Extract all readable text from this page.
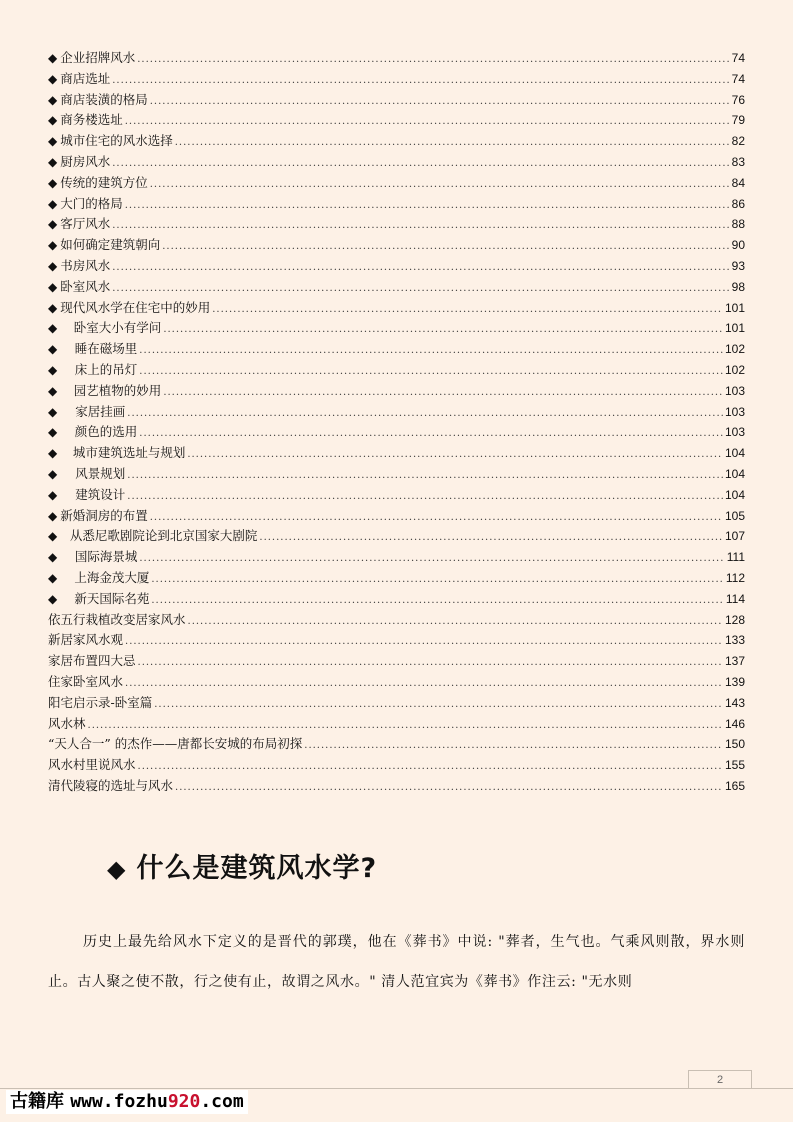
◆ 企业招牌风水 .....	74
◆ 商店选址 .....	74
◆ 商店装潢的格局 .....	76
◆ 商务楼选址 .....	79
◆ 城市住宅的风水选择 .....	82
◆ 厨房风水 .....	83
◆ 传统的建筑方位 .....	84
◆ 大门的格局 .....	86
◆ 客厅风水 .....	88
◆ 如何确定建筑朝向 .....	90
◆ 书房风水 .....	93
◆ 卧室风水 .....	98
◆ 现代风水学在住宅中的妙用 .....	101
◆	卧室大小有学问 .....	101
◆	睡在磁场里 .....	102
◆	床上的吊灯 .....	102
◆	园艺植物的妙用 .....	103
◆	家居挂画 .....	103
◆	颜色的选用 .....	103
◆	城市建筑选址与规划 .....	104
◆	风景规划 .....	104
◆	建筑设计 .....	104
◆ 新婚洞房的布置 .....	105
◆	从悉尼歌剧院论到北京国家大剧院 .....	107
◆	国际海景城 .....	111
◆	上海金茂大厦 .....	112
◆	新天国际名苑 .....	114
依五行栽植改变居家风水 .....	128
新居家风水观 .....	133
家居布置四大忌 .....	137
住家卧室风水 .....	139
阳宅启示录-卧室篇 .....	143
风水林 .....	146
“天人合一” 的杰作——唐都长安城的布局初探 .....	150
风水村里说风水 .....	155
清代陵寝的选址与风水 .....	165
◆ 什么是建筑风水学?

历史上最先给风水下定义的是晋代的郭璞，他在《葬书》中说: "葬者，生气也。气乘风则散，界水则止。古人聚之使不散，行之使有止，故谓之风水。" 清人范宜宾为《葬书》作注云: "无水则

2
古籍库 www.fozhu920.com
